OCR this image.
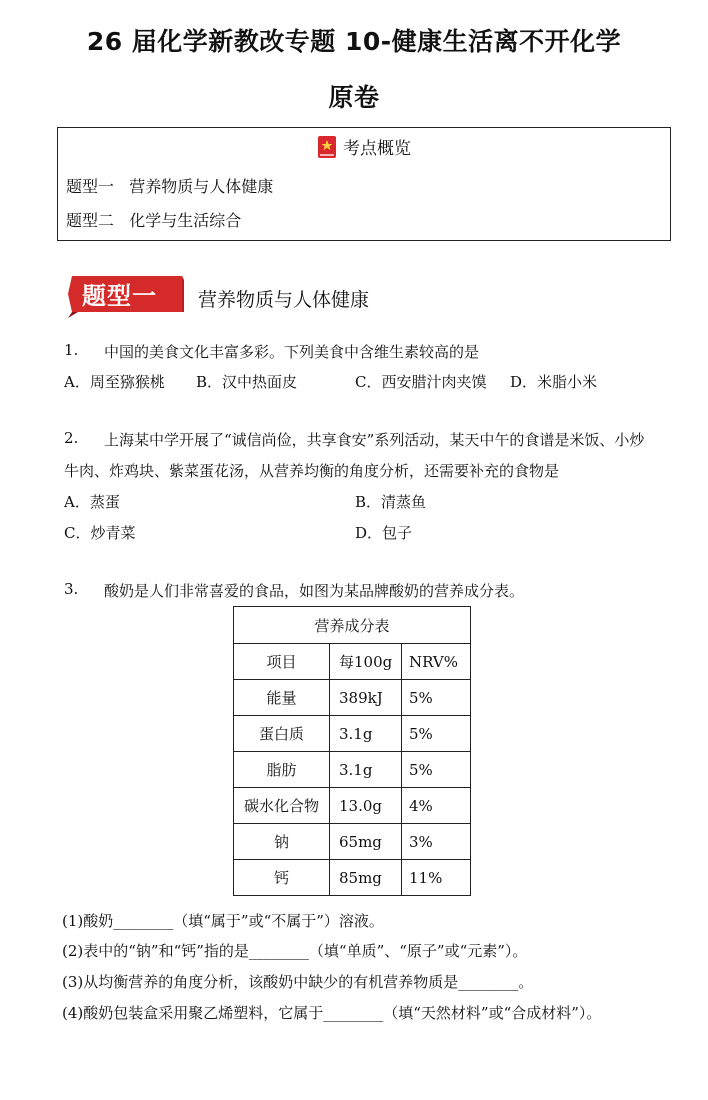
26 届化学新教改专题 10-健康生活离不开化学
原卷
考点概览
题型一   营养物质与人体健康
题型二   化学与生活综合
题型一 营养物质与人体健康
1. 中国的美食文化丰富多彩。下列美食中含维生素较高的是
A．周至猕猴桃 B．汉中热面皮	C．西安腊汁肉夹馍 D．米脂小米
2. 上海某中学开展了“诚信尚俭，共享食安”系列活动，某天中午的食谱是米饭、小炒
牛肉、炸鸡块、紫菜蛋花汤，从营养均衡的角度分析，还需要补充的食物是
A．蒸蛋	B．清蒸鱼
C．炒青菜	D．包子
3. 酸奶是人们非常喜爱的食品，如图为某品牌酸奶的营养成分表。
营养成分表		
项目	每100g	NRV%
能量	389kJ	5%
蛋白质	3.1g	5%
脂肪	3.1g	5%
碳水化合物	13.0g	4%
钠	65mg	3%
钙	85mg	11%
(1)酸奶________（填“属于”或“不属于”）溶液。
(2)表中的“钠”和“钙”指的是________（填“单质”、“原子”或“元素”）。
(3)从均衡营养的角度分析，该酸奶中缺少的有机营养物质是________。
(4)酸奶包装盒采用聚乙烯塑料，它属于________（填“天然材料”或“合成材料”）。
